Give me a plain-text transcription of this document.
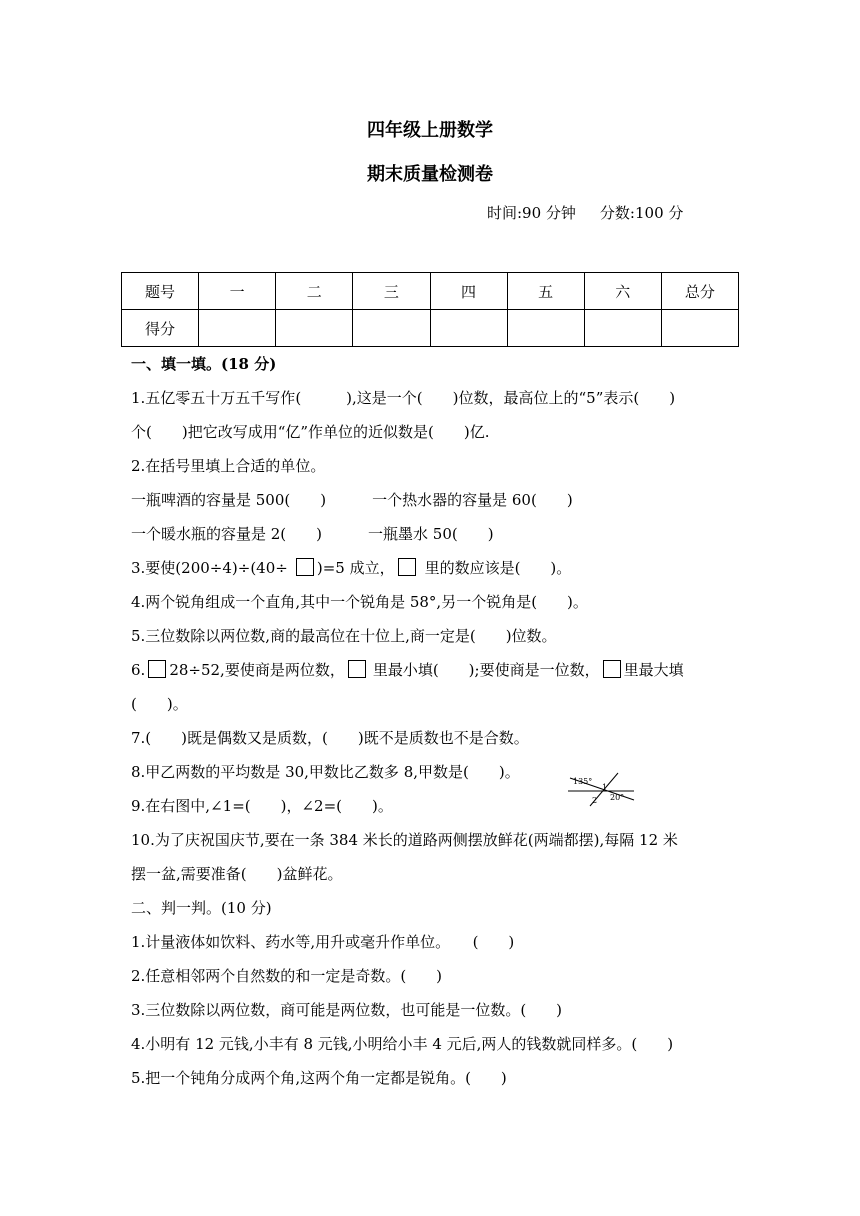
四年级上册数学
期末质量检测卷
时间:90 分钟 分数:100 分
题号	一	二	三	四	五	六	总分
得分							
一、填一填。(18 分)
1.五亿零五十万五千写作(　　　),这是一个(　　)位数，最高位上的“5”表示(　　)
个(　　)把它改写成用“亿”作单位的近似数是(　　)亿.
2.在括号里填上合适的单位。
一瓶啤酒的容量是 500(　　)	一个热水器的容量是 60(　　)
一个暖水瓶的容量是 2(　　)	一瓶墨水 50(　　)
3.要使(200÷4)÷(40÷ )=5 成立， 里的数应该是(　　)。
4.两个锐角组成一个直角,其中一个锐角是 58°,另一个锐角是(　　)。
5.三位数除以两位数,商的最高位在十位上,商一定是(　　)位数。
6. 28÷52,要使商是两位数， 里最小填(　　);要使商是一位数， 里最大填
(　　)。
7.(　　)既是偶数又是质数，(　　)既不是质数也不是合数。
8.甲乙两数的平均数是 30,甲数比乙数多 8,甲数是(　　)。
9.在右图中,∠1=(　　)，∠2=(　　)。
135°
1
20°
2
10.为了庆祝国庆节,要在一条 384 米长的道路两侧摆放鲜花(两端都摆),每隔 12 米
摆一盆,需要准备(　　)盆鲜花。
二、判一判。(10 分)
1.计量液体如饮料、药水等,用升或毫升作单位。　　(　　)
2.任意相邻两个自然数的和一定是奇数。(　　)
3.三位数除以两位数，商可能是两位数，也可能是一位数。(　　)
4.小明有 12 元钱,小丰有 8 元钱,小明给小丰 4 元后,两人的钱数就同样多。(　　)
5.把一个钝角分成两个角,这两个角一定都是锐角。(　　)
